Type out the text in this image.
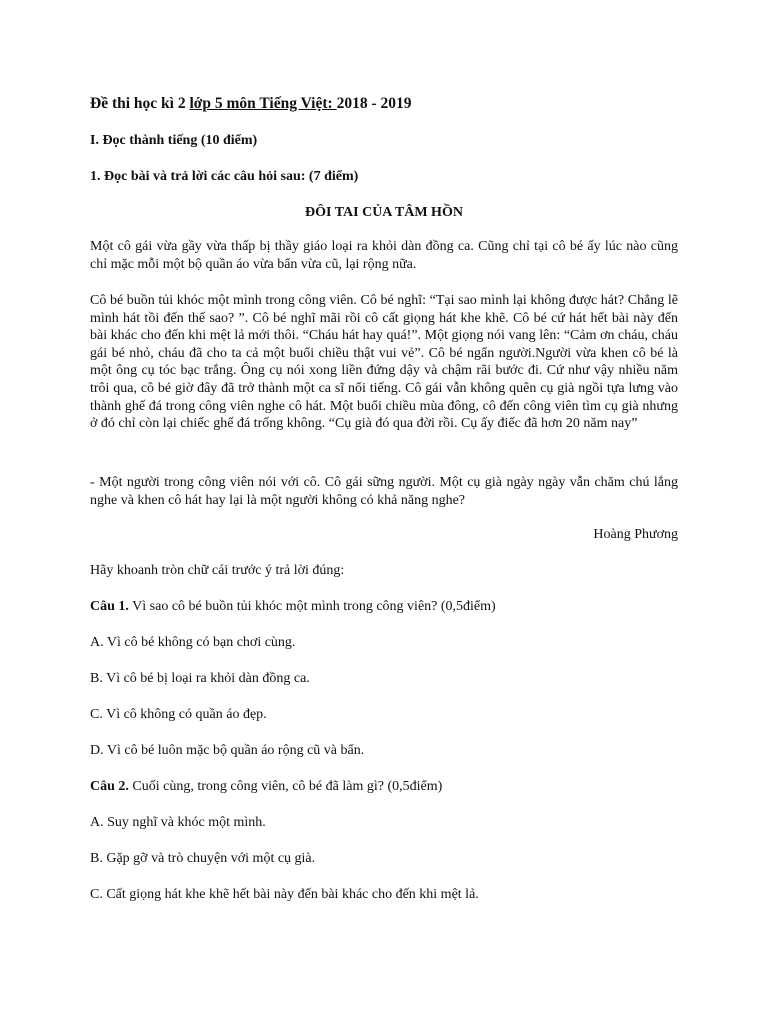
Đề thi học kì 2 lớp 5 môn Tiếng Việt: 2018 - 2019

I. Đọc thành tiếng (10 điểm)

1. Đọc bài và trả lời các câu hỏi sau: (7 điểm)

ĐÔI TAI CỦA TÂM HỒN

Một cô gái vừa gầy vừa thấp bị thầy giáo loại ra khỏi dàn đồng ca. Cũng chỉ tại cô bé ấy lúc nào cũng chỉ mặc mỗi một bộ quần áo vừa bẩn vừa cũ, lại rộng nữa.

Cô bé buồn tủi khóc một mình trong công viên. Cô bé nghĩ: “Tại sao mình lại không được hát? Chẳng lẽ mình hát tồi đến thế sao? ”. Cô bé nghĩ mãi rồi cô cất giọng hát khe khẽ. Cô bé cứ hát hết bài này đến bài khác cho đến khi mệt lả mới thôi. “Cháu hát hay quá!”. Một giọng nói vang lên: “Cảm ơn cháu, cháu gái bé nhỏ, cháu đã cho ta cả một buổi chiều thật vui vẻ”. Cô bé ngẩn người.Người vừa khen cô bé là một ông cụ tóc bạc trắng. Ông cụ nói xong liền đứng dậy và chậm rãi bước đi. Cứ như vậy nhiều năm trôi qua, cô bé giờ đây đã trở thành một ca sĩ nổi tiếng. Cô gái vẫn không quên cụ già ngồi tựa lưng vào thành ghế đá trong công viên nghe cô hát. Một buổi chiều mùa đông, cô đến công viên tìm cụ già nhưng ở đó chỉ còn lại chiếc ghế đá trống không. “Cụ già đó qua đời rồi. Cụ ấy điếc đã hơn 20 năm nay”

- Một người trong công viên nói với cô. Cô gái sững người. Một cụ già ngày ngày vẫn chăm chú lắng nghe và khen cô hát hay lại là một người không có khả năng nghe?

Hoàng Phương

Hãy khoanh tròn chữ cái trước ý trả lời đúng:

Câu 1. Vì sao cô bé buồn tủi khóc một mình trong công viên? (0,5điểm)

A. Vì cô bé không có bạn chơi cùng.

B. Vì cô bé bị loại ra khỏi dàn đồng ca.

C. Vì cô không có quần áo đẹp.

D. Vì cô bé luôn mặc bộ quần áo rộng cũ và bẩn.

Câu 2. Cuối cùng, trong công viên, cô bé đã làm gì? (0,5điểm)

A. Suy nghĩ và khóc một mình.

B. Gặp gỡ và trò chuyện với một cụ già.

C. Cất giọng hát khe khẽ hết bài này đến bài khác cho đến khi mệt lả.
